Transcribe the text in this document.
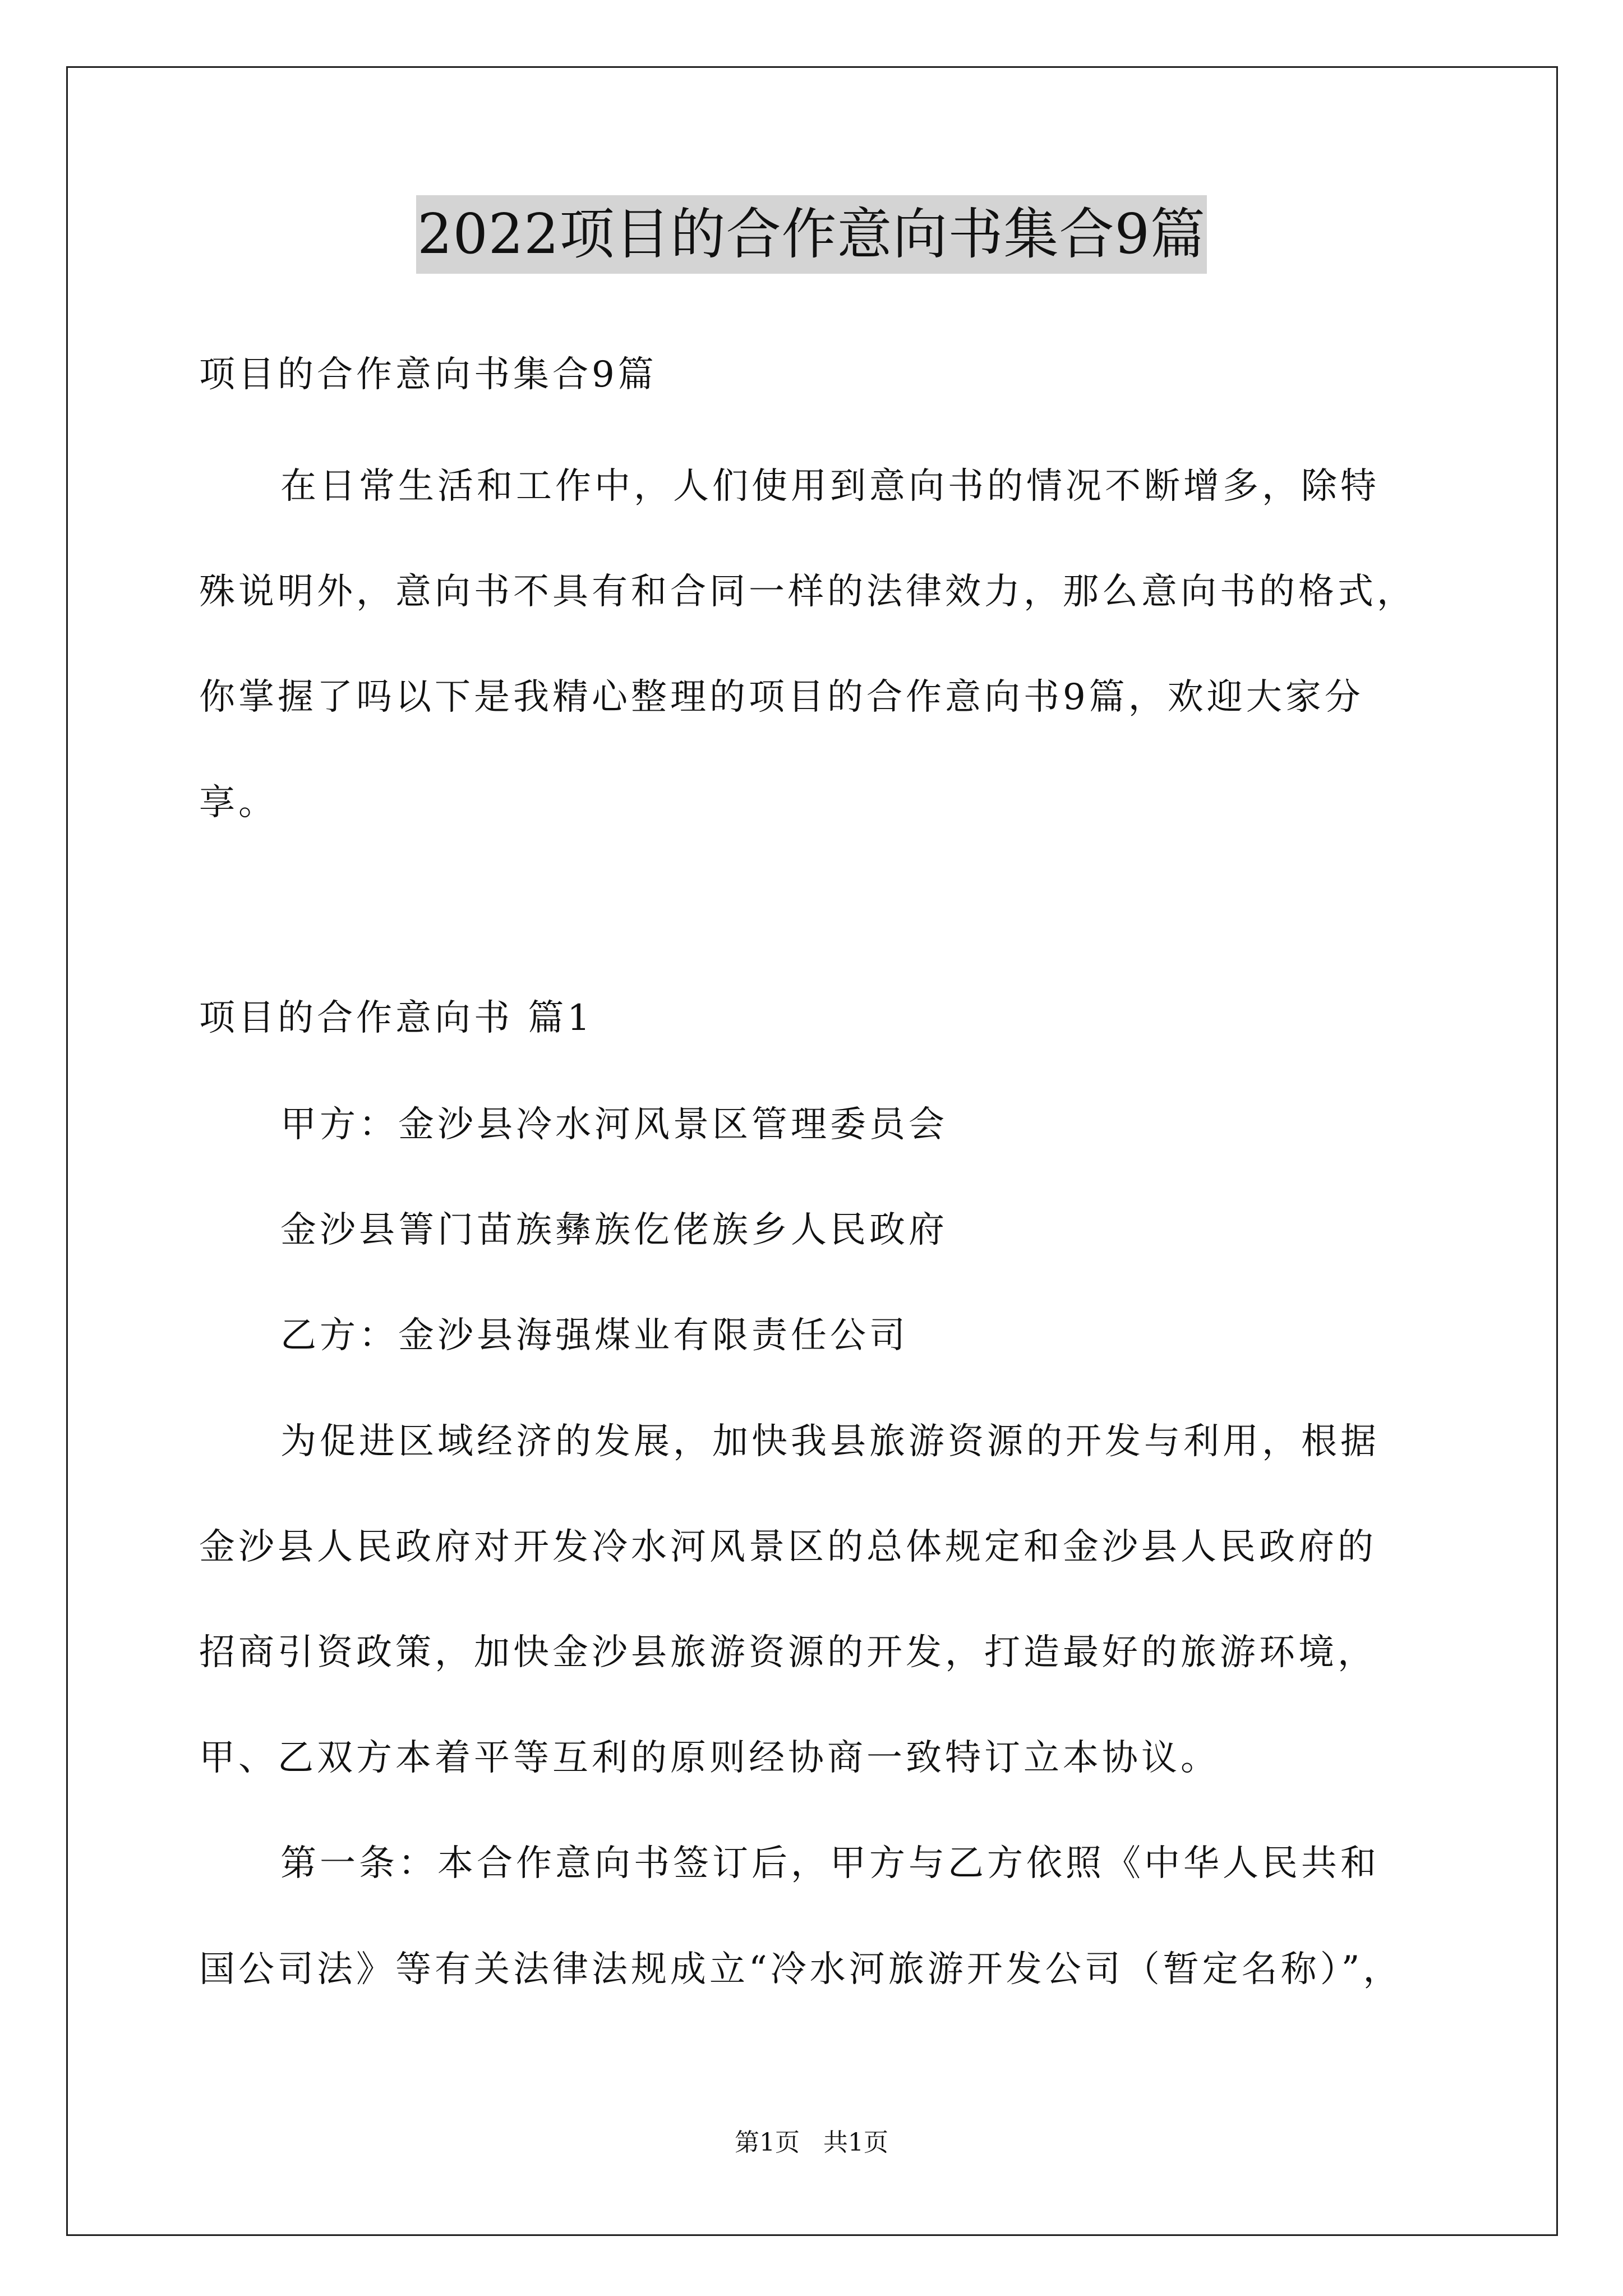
2022项目的合作意向书集合9篇
项目的合作意向书集合9篇
在日常生活和工作中，人们使用到意向书的情况不断增多，除特
殊说明外，意向书不具有和合同一样的法律效力，那么意向书的格式，
你掌握了吗以下是我精心整理的项目的合作意向书9篇，欢迎大家分
享。
项目的合作意向书 篇1
甲方：金沙县冷水河风景区管理委员会
金沙县箐门苗族彝族仡佬族乡人民政府
乙方：金沙县海强煤业有限责任公司
为促进区域经济的发展，加快我县旅游资源的开发与利用，根据
金沙县人民政府对开发冷水河风景区的总体规定和金沙县人民政府的
招商引资政策，加快金沙县旅游资源的开发，打造最好的旅游环境，
甲、乙双方本着平等互利的原则经协商一致特订立本协议。
第一条：本合作意向书签订后，甲方与乙方依照《中华人民共和
国公司法》等有关法律法规成立“冷水河旅游开发公司（暂定名称）”，
第1页 共1页
